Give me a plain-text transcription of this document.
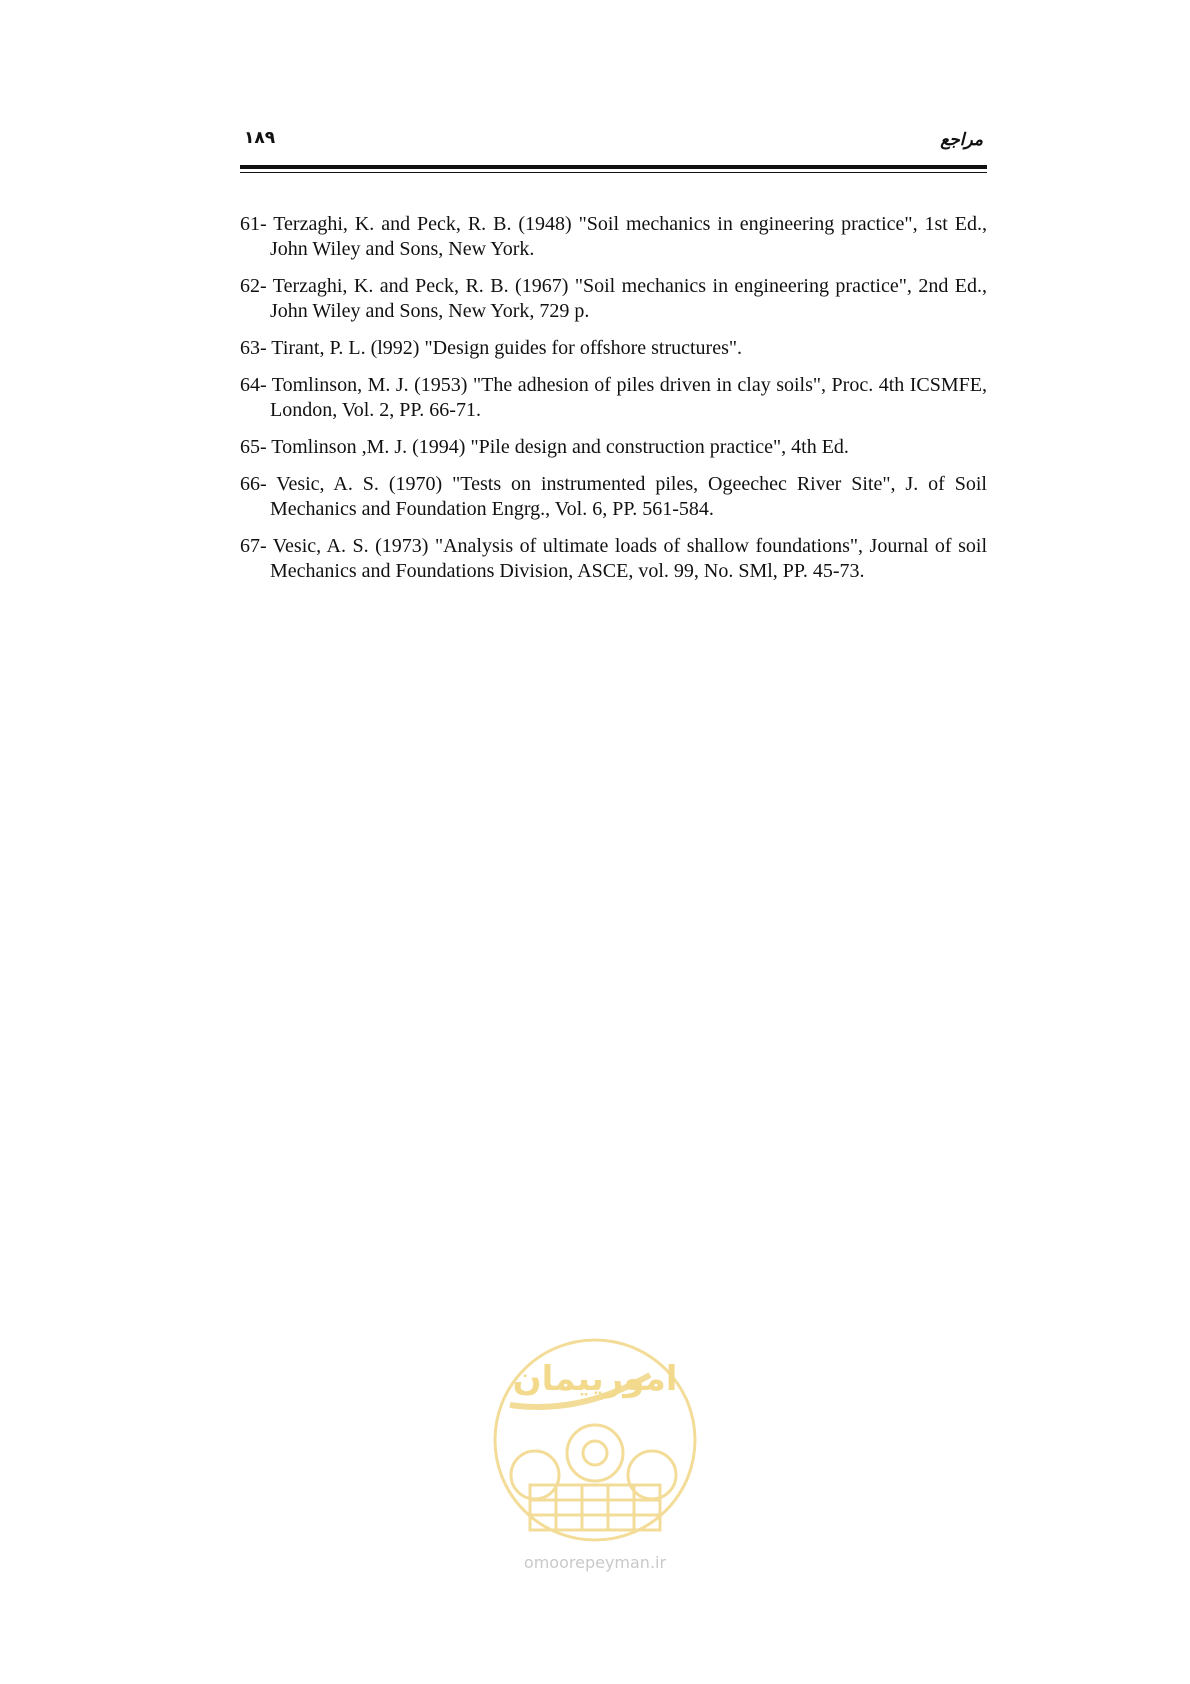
۱۸۹	مراجع
61- Terzaghi, K. and Peck, R. B. (1948) "Soil mechanics in engineering practice", 1st Ed., John Wiley and Sons, New York.
62- Terzaghi, K. and Peck, R. B. (1967) "Soil mechanics in engineering practice", 2nd Ed., John Wiley and Sons, New York, 729 p.
63- Tirant, P. L. (l992) "Design guides for offshore structures".
64- Tomlinson, M. J. (1953) "The adhesion of piles driven in clay soils", Proc. 4th ICSMFE, London, Vol. 2, PP. 66-71.
65- Tomlinson ,M. J. (1994) "Pile design and construction practice", 4th Ed.
66- Vesic, A. S. (1970) "Tests on instrumented piles, Ogeechec River Site", J. of Soil Mechanics and Foundation Engrg., Vol. 6, PP. 561-584.
67- Vesic, A. S. (1973) "Analysis of ultimate loads of shallow foundations", Journal of soil Mechanics and Foundations Division, ASCE, vol. 99, No. SMl, PP. 45-73.
امورپیمان
omoorepeyman.ir
